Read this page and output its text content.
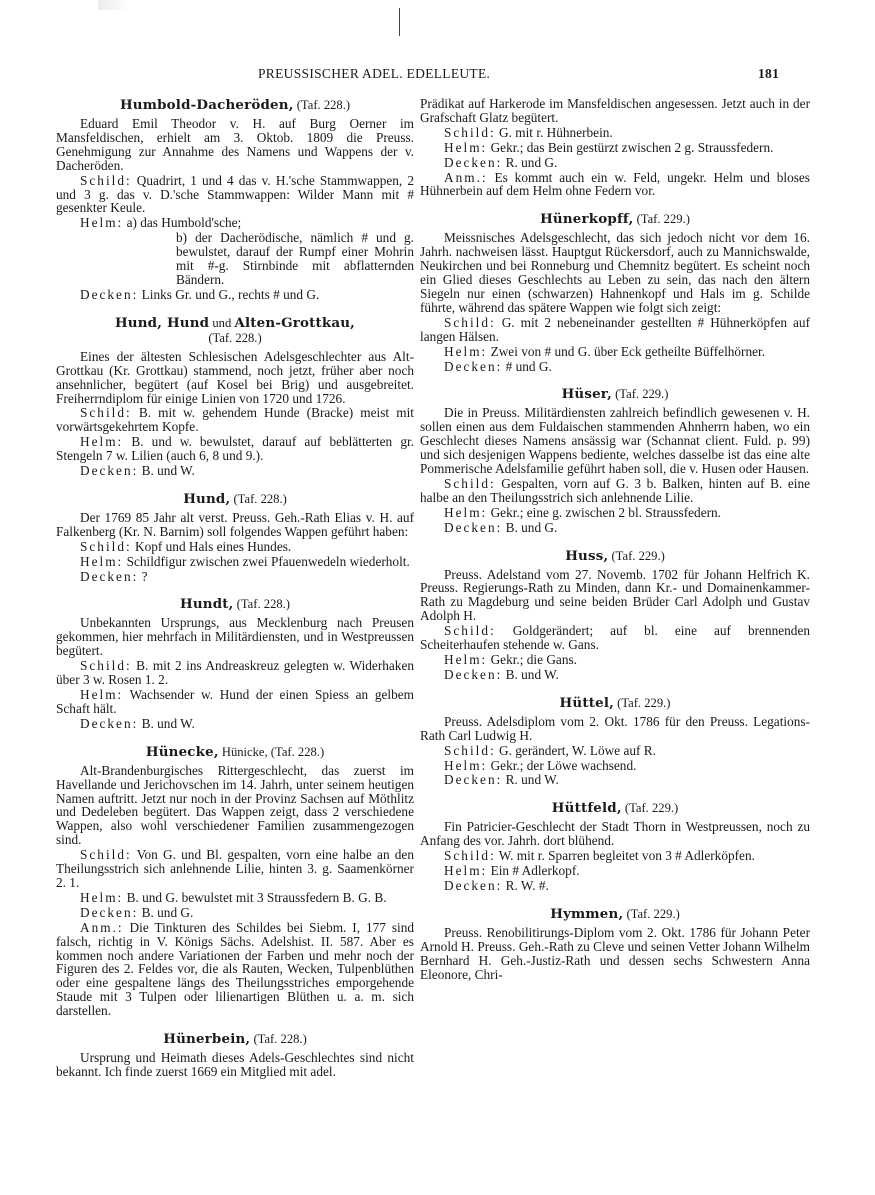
PREUSSISCHER ADEL. EDELLEUTE.	181
Humbold-Dacheröden, (Taf. 228.)

Eduard Emil Theodor v. H. auf Burg Oerner im Mansfeldischen, erhielt am 3. Oktob. 1809 die Preuss. Genehmigung zur Annahme des Namens und Wappens der v. Dacheröden.

Schild: Quadrirt, 1 und 4 das v. H.'sche Stammwappen, 2 und 3 g. das v. D.'sche Stammwappen: Wilder Mann mit # gesenkter Keule.

Helm: a) das Humbold'sche;

b) der Dacherödische, nämlich # und g. bewulstet, darauf der Rumpf einer Mohrin mit #-g. Stirnbinde mit abflatternden Bändern.

Decken: Links Gr. und G., rechts # und G.

Hund, Hund und Alten-Grottkau,
(Taf. 228.)

Eines der ältesten Schlesischen Adelsgeschlechter aus Alt-Grottkau (Kr. Grottkau) stammend, noch jetzt, früher aber noch ansehnlicher, begütert (auf Kosel bei Brig) und ausgebreitet. Freiherrndiplom für einige Linien von 1720 und 1726.

Schild: B. mit w. gehendem Hunde (Bracke) meist mit vorwärtsgekehrtem Kopfe.

Helm: B. und w. bewulstet, darauf auf beblätterten gr. Stengeln 7 w. Lilien (auch 6, 8 und 9.).

Decken: B. und W.

Hund, (Taf. 228.)

Der 1769 85 Jahr alt verst. Preuss. Geh.-Rath Elias v. H. auf Falkenberg (Kr. N. Barnim) soll folgendes Wappen geführt haben:

Schild: Kopf und Hals eines Hundes.

Helm: Schildfigur zwischen zwei Pfauenwedeln wiederholt.

Decken: ?

Hundt, (Taf. 228.)

Unbekannten Ursprungs, aus Mecklenburg nach Preusen gekommen, hier mehrfach in Militärdiensten, und in Westpreussen begütert.

Schild: B. mit 2 ins Andreaskreuz gelegten w. Widerhaken über 3 w. Rosen 1. 2.

Helm: Wachsender w. Hund der einen Spiess an gelbem Schaft hält.

Decken: B. und W.

Hünecke, Hünicke, (Taf. 228.)

Alt-Brandenburgisches Rittergeschlecht, das zuerst im Havellande und Jerichovschen im 14. Jahrh, unter seinem heutigen Namen auftritt. Jetzt nur noch in der Provinz Sachsen auf Möthlitz und Dedeleben begütert. Das Wappen zeigt, dass 2 verschiedene Wappen, also wohl verschiedener Familien zusammengezogen sind.

Schild: Von G. und Bl. gespalten, vorn eine halbe an den Theilungsstrich sich anlehnende Lilie, hinten 3. g. Saamenkörner 2. 1.

Helm: B. und G. bewulstet mit 3 Straussfedern B. G. B.

Decken: B. und G.

Anm.: Die Tinkturen des Schildes bei Siebm. I, 177 sind falsch, richtig in V. Königs Sächs. Adelshist. II. 587. Aber es kommen noch andere Variationen der Farben und mehr noch der Figuren des 2. Feldes vor, die als Rauten, Wecken, Tulpenblüthen oder eine gespaltene längs des Theilungsstriches emporgehende Staude mit 3 Tulpen oder lilienartigen Blüthen u. a. m. sich darstellen.

Hünerbein, (Taf. 228.)

Ursprung und Heimath dieses Adels-Geschlechtes sind nicht bekannt. Ich finde zuerst 1669 ein Mitglied mit adel.

Prädikat auf Harkerode im Mansfeldischen angesessen. Jetzt auch in der Grafschaft Glatz begütert.

Schild: G. mit r. Hühnerbein.

Helm: Gekr.; das Bein gestürzt zwischen 2 g. Straussfedern.

Decken: R. und G.

Anm.: Es kommt auch ein w. Feld, ungekr. Helm und bloses Hühnerbein auf dem Helm ohne Federn vor.

Hünerkopff, (Taf. 229.)

Meissnisches Adelsgeschlecht, das sich jedoch nicht vor dem 16. Jahrh. nachweisen lässt. Hauptgut Rückersdorf, auch zu Mannichswalde, Neukirchen und bei Ronneburg und Chemnitz begütert. Es scheint noch ein Glied dieses Geschlechts au Leben zu sein, das nach den ältern Siegeln nur einen (schwarzen) Hahnenkopf und Hals im g. Schilde führte, während das spätere Wappen wie folgt sich zeigt:

Schild: G. mit 2 nebeneinander gestellten # Hühnerköpfen auf langen Hälsen.

Helm: Zwei von # und G. über Eck getheilte Büffelhörner.

Decken: # und G.

Hüser, (Taf. 229.)

Die in Preuss. Militärdiensten zahlreich befindlich gewesenen v. H. sollen einen aus dem Fuldaischen stammenden Ahnherrn haben, wo ein Geschlecht dieses Namens ansässig war (Schannat client. Fuld. p. 99) und sich desjenigen Wappens bediente, welches dasselbe ist das eine alte Pommerische Adelsfamilie geführt haben soll, die v. Husen oder Hausen.

Schild: Gespalten, vorn auf G. 3 b. Balken, hinten auf B. eine halbe an den Theilungsstrich sich anlehnende Lilie.

Helm: Gekr.; eine g. zwischen 2 bl. Straussfedern.

Decken: B. und G.

Huss, (Taf. 229.)

Preuss. Adelstand vom 27. Novemb. 1702 für Johann Helfrich K. Preuss. Regierungs-Rath zu Minden, dann Kr.- und Domainenkammer-Rath zu Magdeburg und seine beiden Brüder Carl Adolph und Gustav Adolph H.

Schild: Goldgerändert; auf bl. eine auf brennenden Scheiterhaufen stehende w. Gans.

Helm: Gekr.; die Gans.

Decken: B. und W.

Hüttel, (Taf. 229.)

Preuss. Adelsdiplom vom 2. Okt. 1786 für den Preuss. Legations-Rath Carl Ludwig H.

Schild: G. gerändert, W. Löwe auf R.

Helm: Gekr.; der Löwe wachsend.

Decken: R. und W.

Hüttfeld, (Taf. 229.)

Fin Patricier-Geschlecht der Stadt Thorn in Westpreussen, noch zu Anfang des vor. Jahrh. dort blühend.

Schild: W. mit r. Sparren begleitet von 3 # Adlerköpfen.

Helm: Ein # Adlerkopf.

Decken: R. W. #.

Hymmen, (Taf. 229.)

Preuss. Renobilitirungs-Diplom vom 2. Okt. 1786 für Johann Peter Arnold H. Preuss. Geh.-Rath zu Cleve und seinen Vetter Johann Wilhelm Bernhard H. Geh.-Justiz-Rath und dessen sechs Schwestern Anna Eleonore, Chri-
